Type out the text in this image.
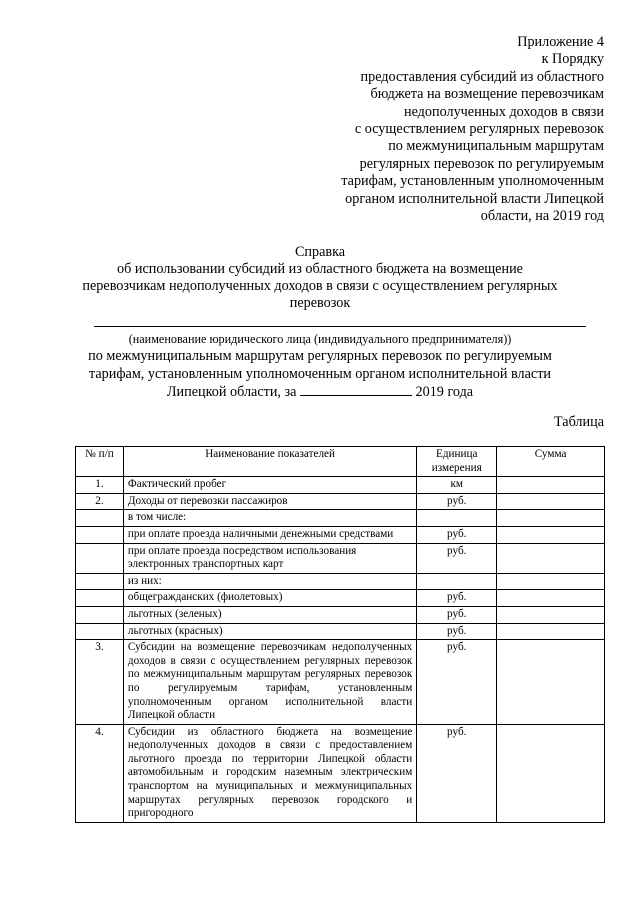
Приложение 4
к Порядку
предоставления субсидий из областного
бюджета на возмещение перевозчикам
недополученных доходов в связи
с осуществлением регулярных перевозок
по межмуниципальным маршрутам
регулярных перевозок по регулируемым
тарифам, установленным уполномоченным
органом исполнительной власти Липецкой
области, на 2019 год
Справка
об использовании субсидий из областного бюджета на возмещение
перевозчикам недополученных доходов в связи с осуществлением регулярных
перевозок
(наименование юридического лица (индивидуального предпринимателя))
по межмуниципальным маршрутам регулярных перевозок по регулируемым
тарифам, установленным уполномоченным органом исполнительной власти
Липецкой области, за	2019 года
Таблица
№ п/п	Наименование показателей	Единица измерения	Сумма
1.	Фактический пробег	км	
2.	Доходы от перевозки пассажиров	руб.	
	в том числе:		
	при оплате проезда наличными денежными средствами	руб.	
	при оплате проезда посредством использования электронных транспортных карт	руб.	
	из них:		
	общегражданских (фиолетовых)	руб.	
	льготных (зеленых)	руб.	
	льготных (красных)	руб.	
3.	Субсидии на возмещение перевозчикам недополученных доходов в связи с осуществлением регулярных перевозок по межмуниципальным маршрутам регулярных перевозок по регулируемым тарифам, установленным уполномоченным органом исполнительной власти Липецкой области	руб.	
4.	Субсидии из областного бюджета на возмещение недополученных доходов в связи с предоставлением льготного проезда по территории Липецкой области автомобильным и городским наземным электрическим транспортом на муниципальных и межмуниципальных маршрутах регулярных перевозок городского и пригородного	руб.	
